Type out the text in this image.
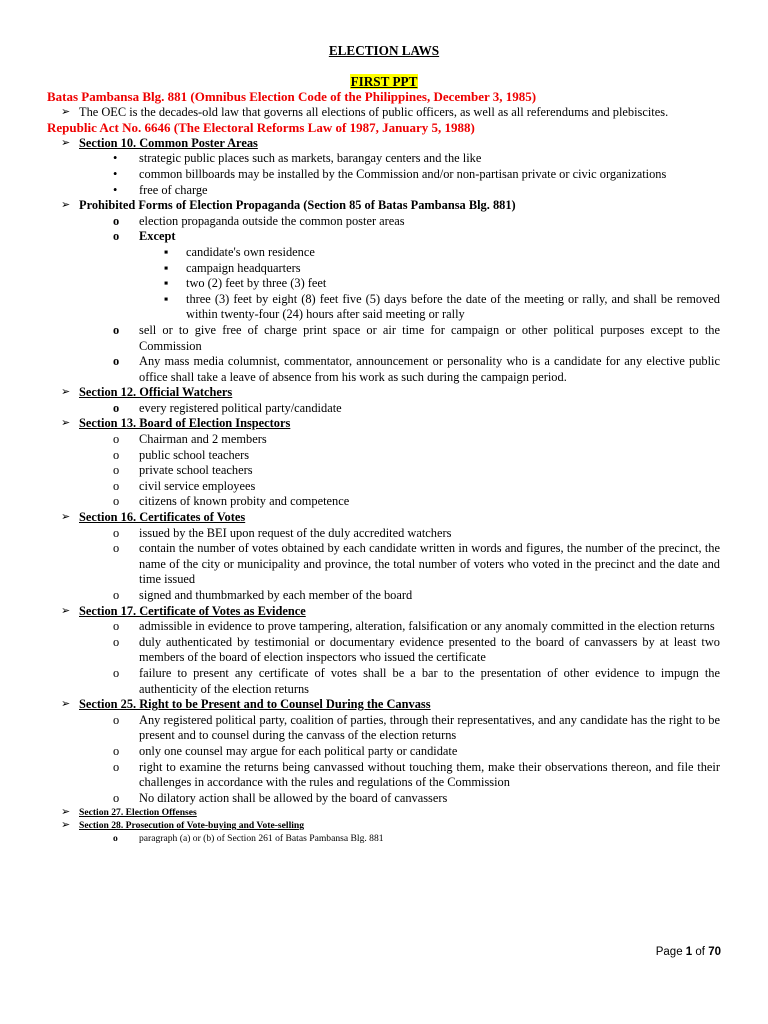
ELECTION LAWS
FIRST PPT
Batas Pambansa Blg. 881 (Omnibus Election Code of the Philippines, December 3, 1985)
➢ The OEC is the decades-old law that governs all elections of public officers, as well as all referendums and plebiscites.
Republic Act No. 6646 (The Electoral Reforms Law of 1987, January 5, 1988)
➢ Section 10. Common Poster Areas
•	strategic public places such as markets, barangay centers and the like
•	common billboards may be installed by the Commission and/or non-partisan private or civic organizations
•	free of charge
➢ Prohibited Forms of Election Propaganda (Section 85 of Batas Pambansa Blg. 881)
o	election propaganda outside the common poster areas
o	Except
▪	candidate's own residence
▪	campaign headquarters
▪	two (2) feet by three (3) feet
▪	three (3) feet by eight (8) feet five (5) days before the date of the meeting or rally, and shall be removed within twenty-four (24) hours after said meeting or rally
o	sell or to give free of charge print space or air time for campaign or other political purposes except to the Commission
o	Any mass media columnist, commentator, announcement or personality who is a candidate for any elective public office shall take a leave of absence from his work as such during the campaign period.
➢ Section 12. Official Watchers
o	every registered political party/candidate
➢ Section 13. Board of Election Inspectors
o	Chairman and 2 members
o	public school teachers
o	private school teachers
o	civil service employees
o	citizens of known probity and competence
➢ Section 16. Certificates of Votes
o	issued by the BEI upon request of the duly accredited watchers
o	contain the number of votes obtained by each candidate written in words and figures, the number of the precinct, the name of the city or municipality and province, the total number of voters who voted in the precinct and the date and time issued
o	signed and thumbmarked by each member of the board
➢ Section 17. Certificate of Votes as Evidence
o	admissible in evidence to prove tampering, alteration, falsification or any anomaly committed in the election returns
o	duly authenticated by testimonial or documentary evidence presented to the board of canvassers by at least two members of the board of election inspectors who issued the certificate
o	failure to present any certificate of votes shall be a bar to the presentation of other evidence to impugn the authenticity of the election returns
➢ Section 25. Right to be Present and to Counsel During the Canvass
o	Any registered political party, coalition of parties, through their representatives, and any candidate has the right to be present and to counsel during the canvass of the election returns
o	only one counsel may argue for each political party or candidate
o	right to examine the returns being canvassed without touching them, make their observations thereon, and file their challenges in accordance with the rules and regulations of the Commission
o	No dilatory action shall be allowed by the board of canvassers
➢ Section 27. Election Offenses
➢ Section 28. Prosecution of Vote-buying and Vote-selling
o	paragraph (a) or (b) of Section 261 of Batas Pambansa Blg. 881
Page 1 of 70
